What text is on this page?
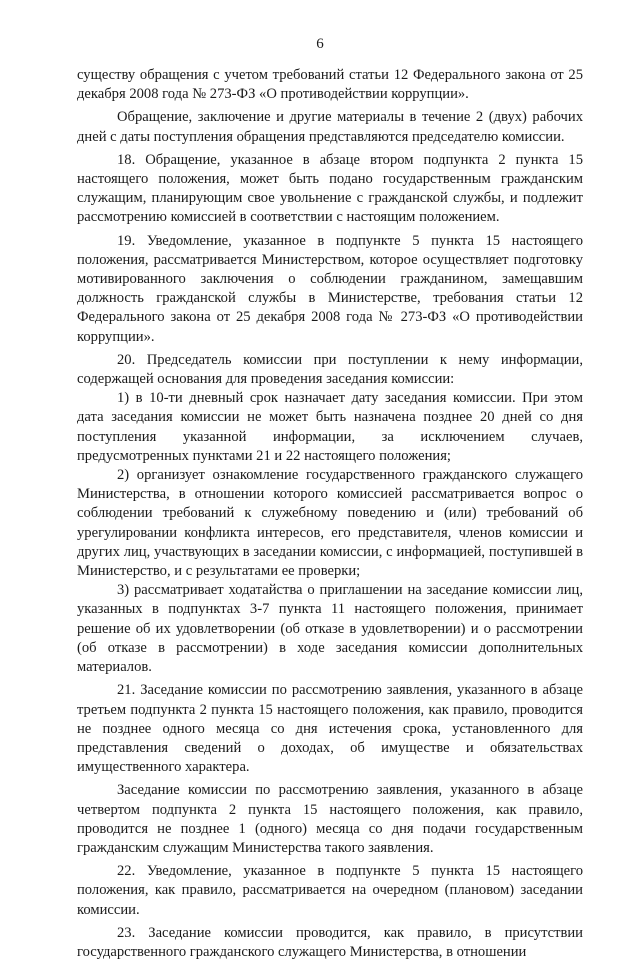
6

существу обращения с учетом требований статьи 12 Федерального закона от 25 декабря 2008 года № 273-ФЗ «О противодействии коррупции».

Обращение, заключение и другие материалы в течение 2 (двух) рабочих дней с даты поступления обращения представляются председателю комиссии.

18. Обращение, указанное в абзаце втором подпункта 2 пункта 15 настоящего положения, может быть подано государственным гражданским служащим, планирующим свое увольнение с гражданской службы, и подлежит рассмотрению комиссией в соответствии с настоящим положением.

19. Уведомление, указанное в подпункте 5 пункта 15 настоящего положения, рассматривается Министерством, которое осуществляет подготовку мотивированного заключения о соблюдении гражданином, замещавшим должность гражданской службы в Министерстве, требования статьи 12 Федерального закона от 25 декабря 2008 года № 273-ФЗ «О противодействии коррупции».

20. Председатель комиссии при поступлении к нему информации, содержащей основания для проведения заседания комиссии:

1) в 10-ти дневный срок назначает дату заседания комиссии. При этом дата заседания комиссии не может быть назначена позднее 20 дней со дня поступления указанной информации, за исключением случаев, предусмотренных пунктами 21 и 22 настоящего положения;

2) организует ознакомление государственного гражданского служащего Министерства, в отношении которого комиссией рассматривается вопрос о соблюдении требований к служебному поведению и (или) требований об урегулировании конфликта интересов, его представителя, членов комиссии и других лиц, участвующих в заседании комиссии, с информацией, поступившей в Министерство, и с результатами ее проверки;

3) рассматривает ходатайства о приглашении на заседание комиссии лиц, указанных в подпунктах 3-7 пункта 11 настоящего положения, принимает решение об их удовлетворении (об отказе в удовлетворении) и о рассмотрении (об отказе в рассмотрении) в ходе заседания комиссии дополнительных материалов.

21. Заседание комиссии по рассмотрению заявления, указанного в абзаце третьем подпункта 2 пункта 15 настоящего положения, как правило, проводится не позднее одного месяца со дня истечения срока, установленного для представления сведений о доходах, об имуществе и обязательствах имущественного характера.

Заседание комиссии по рассмотрению заявления, указанного в абзаце четвертом подпункта 2 пункта 15 настоящего положения, как правило, проводится не позднее 1 (одного) месяца со дня подачи государственным гражданским служащим Министерства такого заявления.

22. Уведомление, указанное в подпункте 5 пункта 15 настоящего положения, как правило, рассматривается на очередном (плановом) заседании комиссии.

23. Заседание комиссии проводится, как правило, в присутствии государственного гражданского служащего Министерства, в отношении
